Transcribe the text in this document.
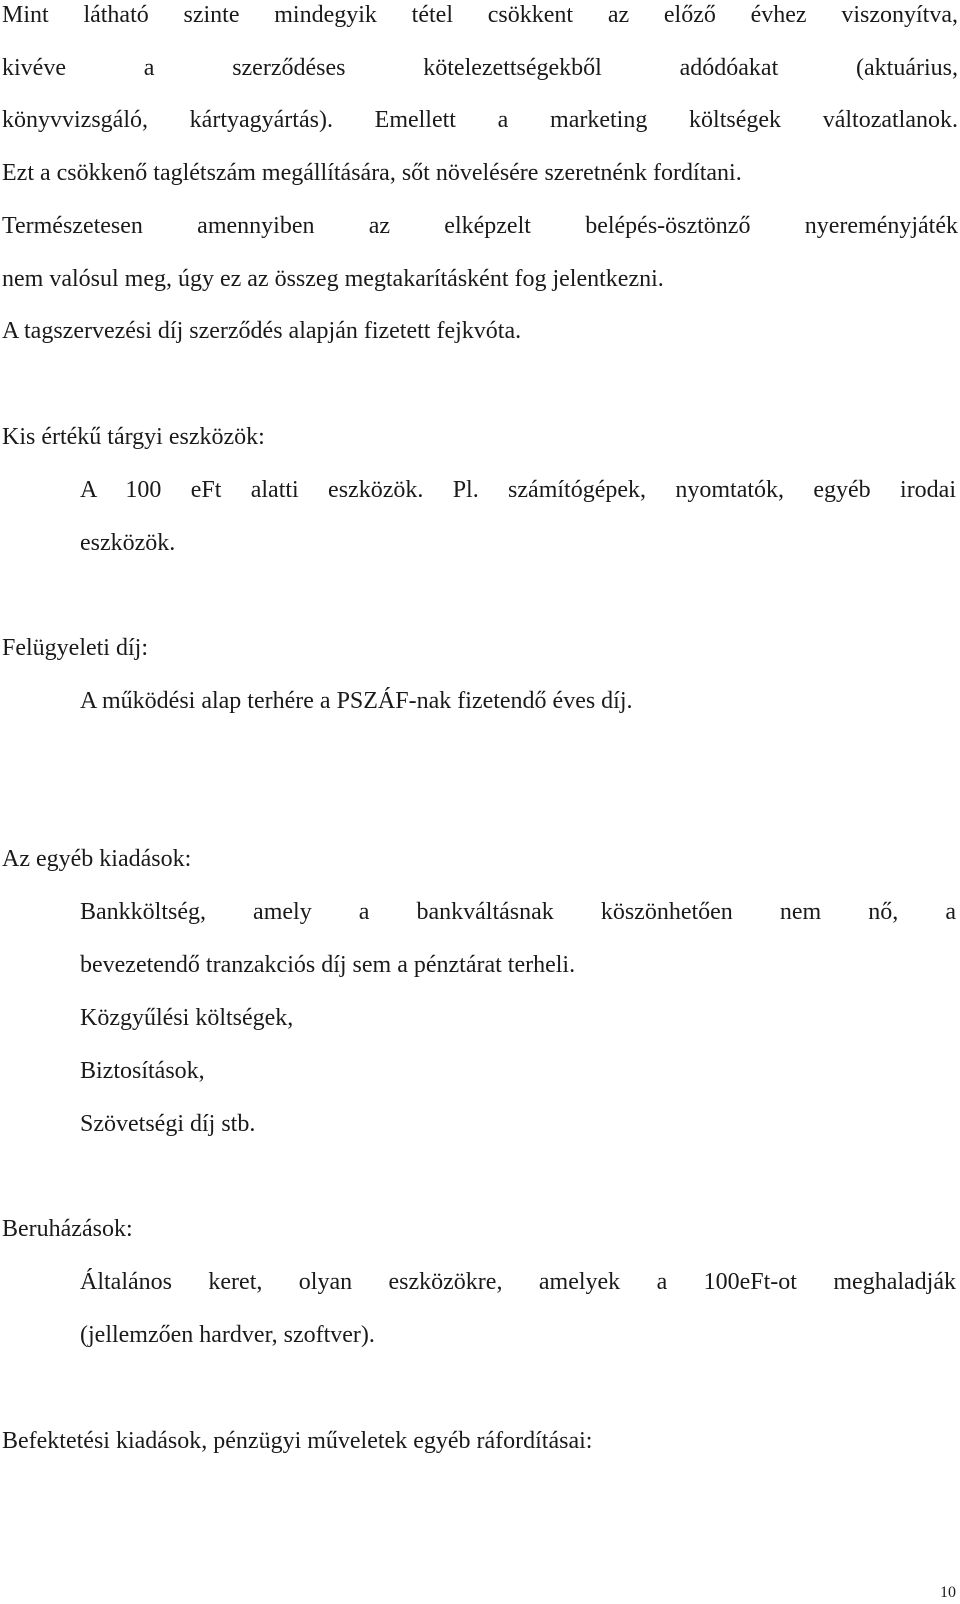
Mint látható szinte mindegyik tétel csökkent az előző évhez viszonyítva,
kivéve a szerződéses kötelezettségekből adódóakat (aktuárius,
könyvvizsgáló, kártyagyártás). Emellett a marketing költségek változatlanok.
Ezt a csökkenő taglétszám megállítására, sőt növelésére szeretnénk fordítani.
Természetesen amennyiben az elképzelt belépés-ösztönző nyereményjáték
nem valósul meg, úgy ez az összeg megtakarításként fog jelentkezni.
A tagszervezési díj szerződés alapján fizetett fejkvóta.
Kis értékű tárgyi eszközök:
A 100 eFt alatti eszközök. Pl. számítógépek, nyomtatók, egyéb irodai
eszközök.
Felügyeleti díj:
A működési alap terhére a PSZÁF-nak fizetendő éves díj.
Az egyéb kiadások:
Bankköltség, amely a bankváltásnak köszönhetően nem nő, a
bevezetendő tranzakciós díj sem a pénztárat terheli.
Közgyűlési költségek,
Biztosítások,
Szövetségi díj stb.
Beruházások:
Általános keret, olyan eszközökre, amelyek a 100eFt-ot meghaladják
(jellemzően hardver, szoftver).
Befektetési kiadások, pénzügyi műveletek egyéb ráfordításai:
10
